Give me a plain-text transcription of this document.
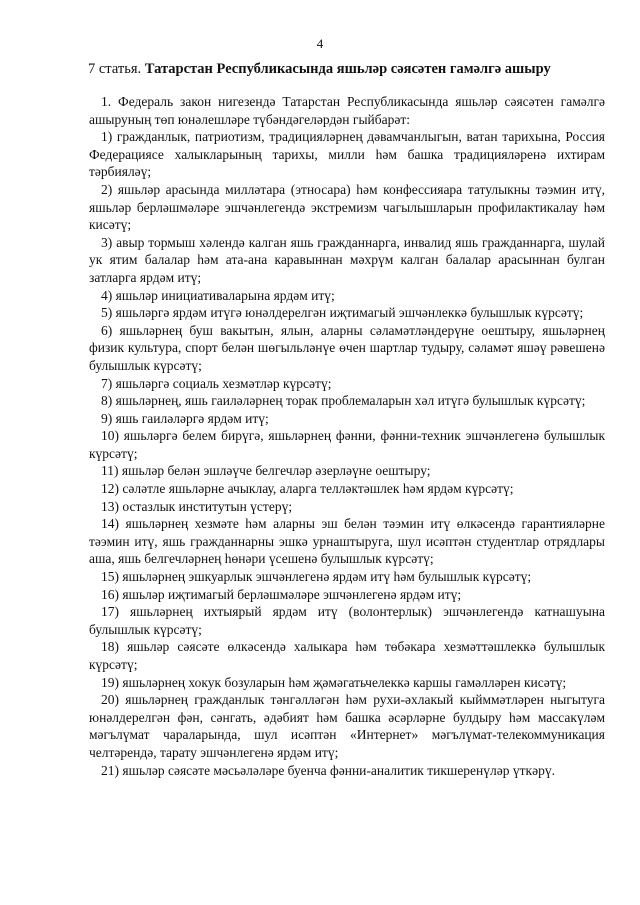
4
7 статья. Татарстан Республикасында яшьләр сәясәтен гамәлгә ашыру

1. Федераль закон нигезендә Татарстан Республикасында яшьләр сәясәтен гамәлгә ашыруның төп юнәлешләре түбәндәгеләрдән гыйбарәт:

1) гражданлык, патриотизм, традицияләрнең дәвамчанлыгын, ватан тарихына, Россия Федерациясе халыкларының тарихы, милли һәм башка традицияләренә ихтирам тәрбияләү;

2) яшьләр арасында милләтара (этносара) һәм конфессияара татулыкны тәэмин итү, яшьләр берләшмәләре эшчәнлегендә экстремизм чагылышларын профилактикалау һәм кисәтү;

3) авыр тормыш хәлендә калган яшь гражданнарга, инвалид яшь гражданнарга, шулай ук ятим балалар һәм ата-ана каравыннан мәхрүм калган балалар арасыннан булган затларга ярдәм итү;

4) яшьләр инициативаларына ярдәм итү;

5) яшьләргә ярдәм итүгә юнәлдерелгән иҗтимагый эшчәнлеккә булышлык күрсәтү;

6) яшьләрнең буш вакытын, ялын, аларны сәламәтләндерүне оештыру, яшьләрнең физик культура, спорт белән шөгыльләнүе өчен шартлар тудыру, сәламәт яшәү рәвешенә булышлык күрсәтү;

7) яшьләргә социаль хезмәтләр күрсәтү;

8) яшьләрнең, яшь гаиләләрнең торак проблемаларын хәл итүгә булышлык күрсәтү;

9) яшь гаиләләргә ярдәм итү;

10) яшьләргә белем бирүгә, яшьләрнең фәнни, фәнни-техник эшчәнлегенә булышлык күрсәтү;

11) яшьләр белән эшләүче белгечләр әзерләүне оештыру;

12) сәләтле яшьләрне ачыклау, аларга телләктәшлек һәм ярдәм күрсәтү;

13) остазлык институтын үстерү;

14) яшьләрнең хезмәте һәм аларны эш белән тәэмин итү өлкәсендә гарантияләрне тәэмин итү, яшь гражданнарны эшкә урнаштыруга, шул исәптән студентлар отрядлары аша, яшь белгечләрнең һөнәри үсешенә булышлык күрсәтү;

15) яшьләрнең эшкуарлык эшчәнлегенә ярдәм итү һәм булышлык күрсәтү;

16) яшьләр иҗтимагый берләшмәләре эшчәнлегенә ярдәм итү;

17) яшьләрнең ихтыярый ярдәм итү (волонтерлык) эшчәнлегендә катнашуына булышлык күрсәтү;

18) яшьләр сәясәте өлкәсендә халыкара һәм төбәкара хезмәттәшлеккә булышлык күрсәтү;

19) яшьләрнең хокук бозуларын һәм җәмәгатьчелеккә каршы гамәлләрен кисәтү;

20) яшьләрнең гражданлык тәнгәлләгән һәм рухи-әхлакый кыйммәтләрен ныгытуга юнәлдерелгән фән, сәнгать, әдәбият һәм башка әсәрләрне булдыру һәм массакүләм мәгълүмат чараларында, шул исәптән «Интернет» мәгълүмат-телекоммуникация челтәрендә, тарату эшчәнлегенә ярдәм итү;

21) яшьләр сәясәте мәсьәләләре буенча фәнни-аналитик тикшеренүләр үткәрү.
